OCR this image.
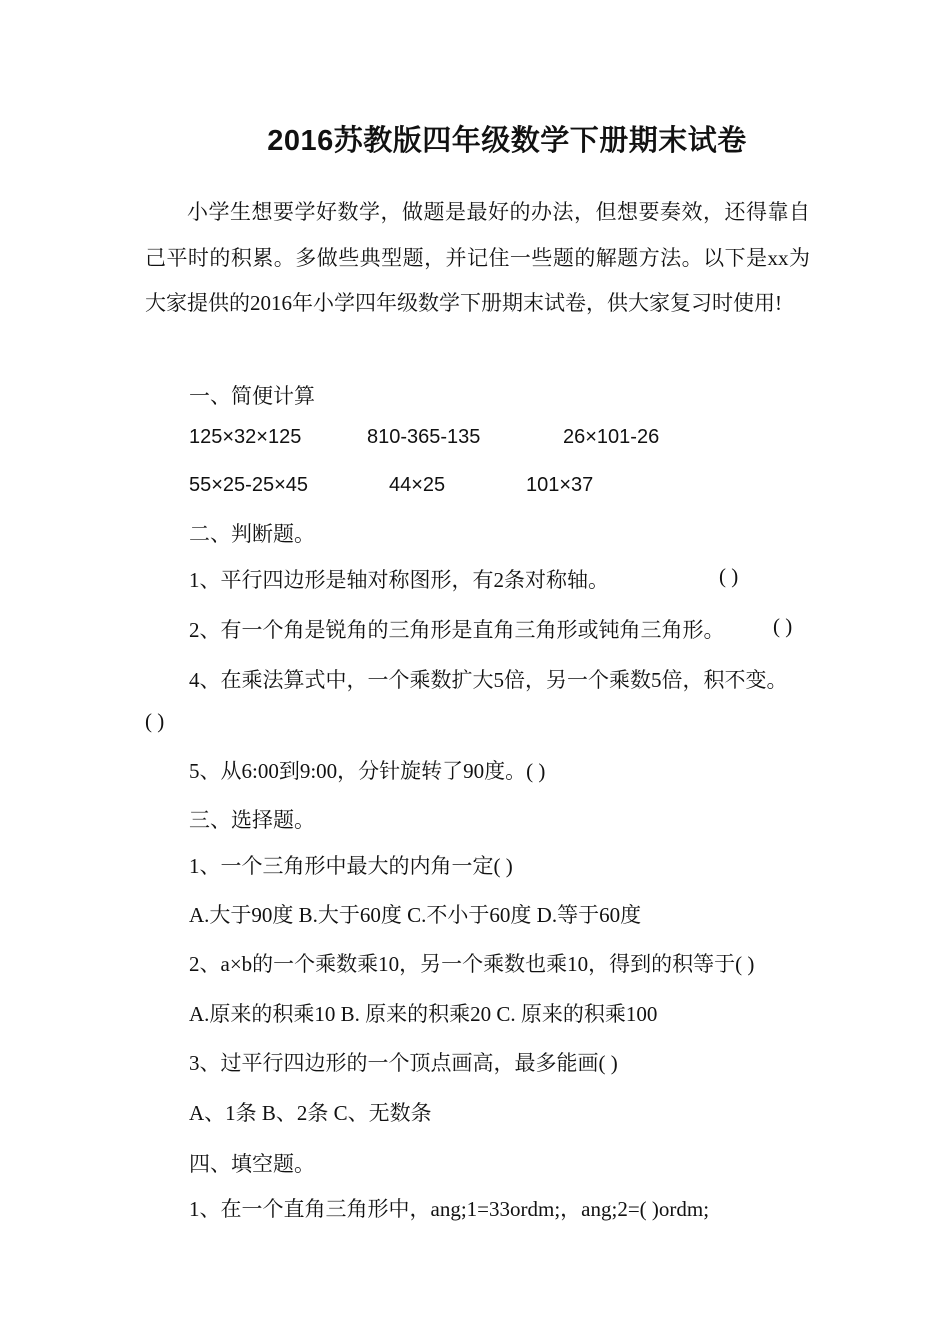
2016苏教版四年级数学下册期末试卷

小学生想要学好数学，做题是最好的办法，但想要奏效，还得靠自己平时的积累。多做些典型题，并记住一些题的解题方法。以下是xx为大家提供的2016年小学四年级数学下册期末试卷，供大家复习时使用!

一、简便计算
125×32×125	810-365-135	26×101-26
55×25-25×45	44×25	101×37
二、判断题。
1、平行四边形是轴对称图形，有2条对称轴。	( )
2、有一个角是锐角的三角形是直角三角形或钝角三角形。 ( )
4、在乘法算式中，一个乘数扩大5倍，另一个乘数5倍，积不变。
( )
5、从6:00到9:00，分针旋转了90度。( )
三、选择题。
1、一个三角形中最大的内角一定( )
A.大于90度 B.大于60度 C.不小于60度 D.等于60度
2、a×b的一个乘数乘10，另一个乘数也乘10，得到的积等于( )
A.原来的积乘10 B. 原来的积乘20 C. 原来的积乘100
3、过平行四边形的一个顶点画高，最多能画( )
A、1条 B、2条 C、无数条
四、填空题。
1、在一个直角三角形中，ang;1=33ordm;，ang;2=( )ordm;
